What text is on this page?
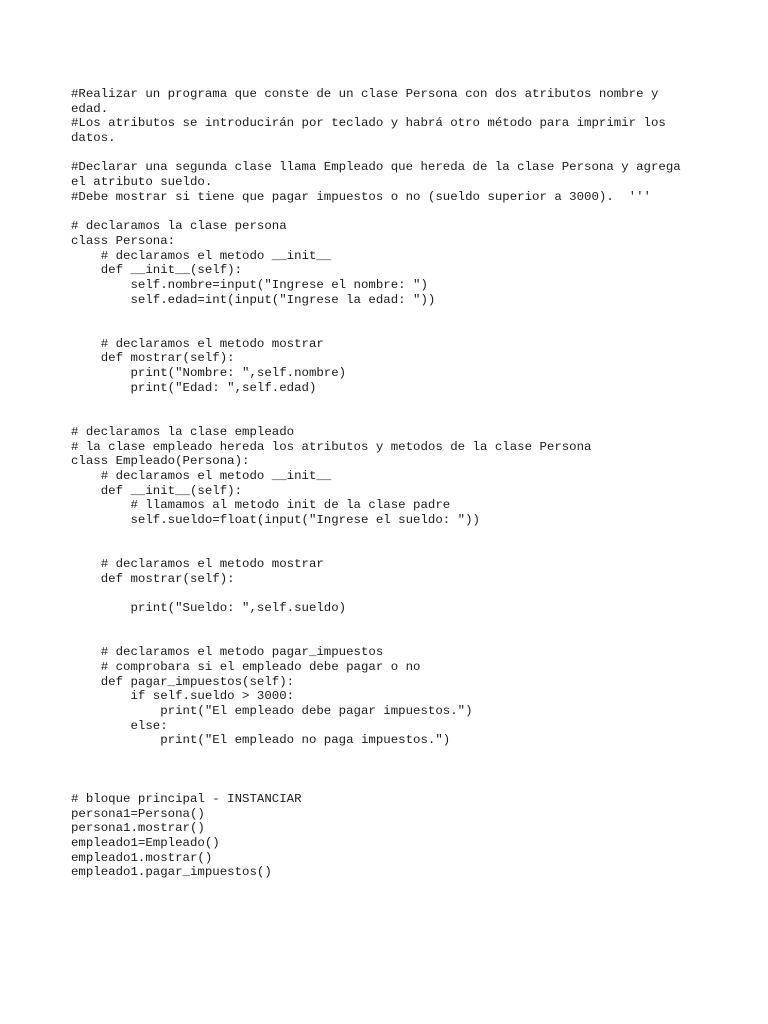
#Realizar un programa que conste de un clase Persona con dos atributos nombre y
edad.
#Los atributos se introducirán por teclado y habrá otro método para imprimir los
datos.
#Declarar una segunda clase llama Empleado que hereda de la clase Persona y agrega
el atributo sueldo.
#Debe mostrar si tiene que pagar impuestos o no (sueldo superior a 3000).  '''
# declaramos la clase persona
class Persona:
# declaramos el metodo __init__
def __init__(self):
self.nombre=input("Ingrese el nombre: ")
self.edad=int(input("Ingrese la edad: "))
# declaramos el metodo mostrar
def mostrar(self):
print("Nombre: ",self.nombre)
print("Edad: ",self.edad)
# declaramos la clase empleado
# la clase empleado hereda los atributos y metodos de la clase Persona
class Empleado(Persona):
# declaramos el metodo __init__
def __init__(self):
# llamamos al metodo init de la clase padre
self.sueldo=float(input("Ingrese el sueldo: "))
# declaramos el metodo mostrar
def mostrar(self):
print("Sueldo: ",self.sueldo)
# declaramos el metodo pagar_impuestos
# comprobara si el empleado debe pagar o no
def pagar_impuestos(self):
if self.sueldo > 3000:
print("El empleado debe pagar impuestos.")
else:
print("El empleado no paga impuestos.")
# bloque principal - INSTANCIAR
persona1=Persona()
persona1.mostrar()
empleado1=Empleado()
empleado1.mostrar()
empleado1.pagar_impuestos()
